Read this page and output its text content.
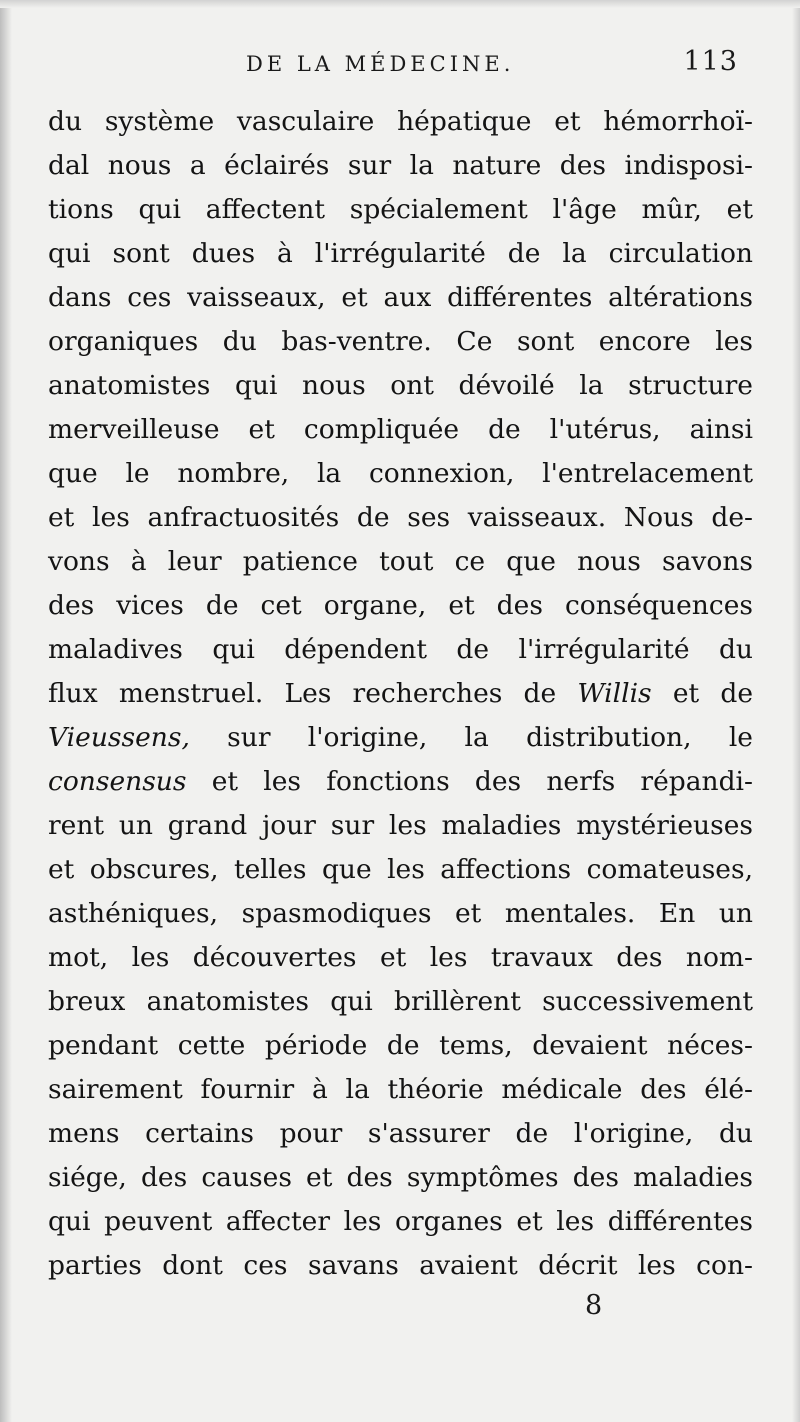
DE LA MÉDECINE.	113
du système vasculaire hépatique et hémorrhoï-
dal nous a éclairés sur la nature des indisposi-
tions qui affectent spécialement l'âge mûr, et
qui sont dues à l'irrégularité de la circulation
dans ces vaisseaux, et aux différentes altérations
organiques du bas-ventre. Ce sont encore les
anatomistes qui nous ont dévoilé la structure
merveilleuse et compliquée de l'utérus, ainsi
que le nombre, la connexion, l'entrelacement
et les anfractuosités de ses vaisseaux. Nous de-
vons à leur patience tout ce que nous savons
des vices de cet organe, et des conséquences
maladives qui dépendent de l'irrégularité du
flux menstruel. Les recherches de Willis et de
Vieussens, sur l'origine, la distribution, le
consensus et les fonctions des nerfs répandi-
rent un grand jour sur les maladies mystérieuses
et obscures, telles que les affections comateuses,
asthéniques, spasmodiques et mentales. En un
mot, les découvertes et les travaux des nom-
breux anatomistes qui brillèrent successivement
pendant cette période de tems, devaient néces-
sairement fournir à la théorie médicale des élé-
mens certains pour s'assurer de l'origine, du
siége, des causes et des symptômes des maladies
qui peuvent affecter les organes et les différentes
parties dont ces savans avaient décrit les con-
8
